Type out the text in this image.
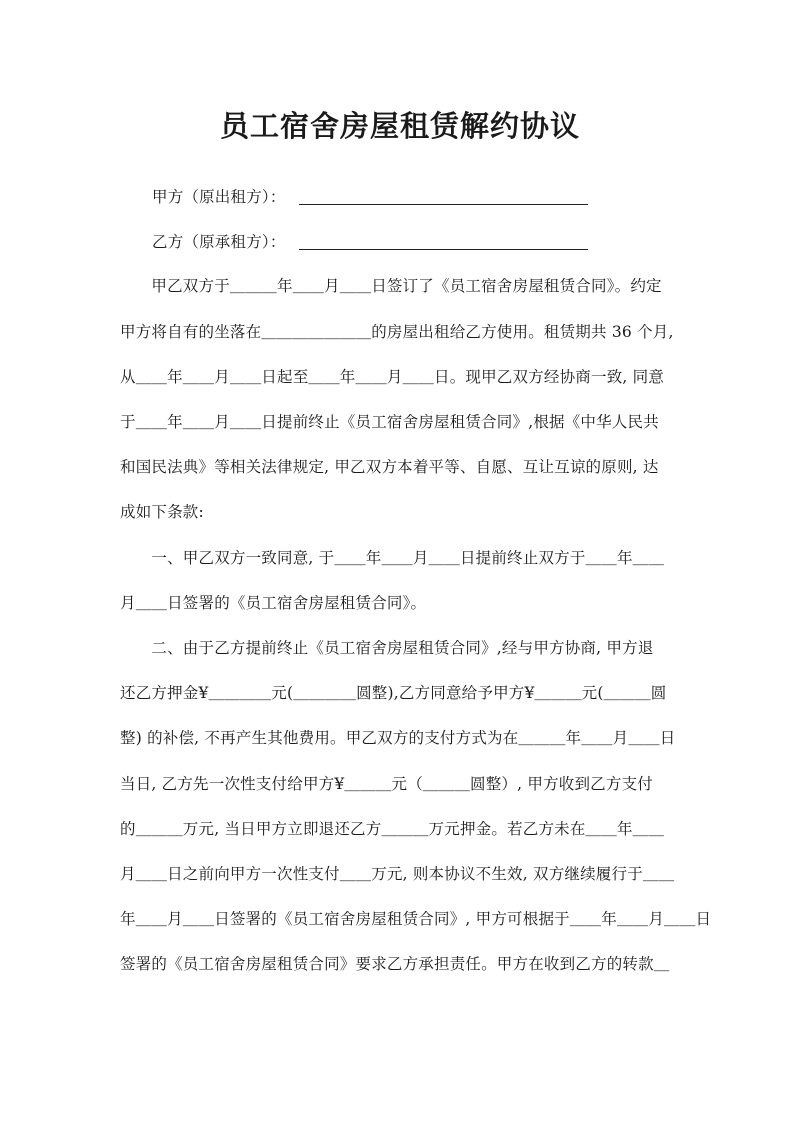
员工宿舍房屋租赁解约协议

甲方（原出租方）：

乙方（原承租方）：

　　甲乙双方于＿＿＿年＿＿月＿＿日签订了《员工宿舍房屋租赁合同》。约定

甲方将自有的坐落在＿＿＿＿＿＿＿的房屋出租给乙方使用。租赁期共 36 个月,

从＿＿年＿＿月＿＿日起至＿＿年＿＿月＿＿日。现甲乙双方经协商一致, 同意

于＿＿年＿＿月＿＿日提前终止《员工宿舍房屋租赁合同》,根据《中华人民共

和国民法典》等相关法律规定, 甲乙双方本着平等、自愿、互让互谅的原则, 达

成如下条款:

　　一、甲乙双方一致同意, 于＿＿年＿＿月＿＿日提前终止双方于＿＿年＿＿

月＿＿日签署的《员工宿舍房屋租赁合同》。

　　二、由于乙方提前终止《员工宿舍房屋租赁合同》,经与甲方协商, 甲方退

还乙方押金¥＿＿＿＿元(＿＿＿＿圆整),乙方同意给予甲方¥＿＿＿元(＿＿＿圆

整) 的补偿, 不再产生其他费用。甲乙双方的支付方式为在＿＿＿年＿＿月＿＿日

当日, 乙方先一次性支付给甲方¥＿＿＿元（＿＿＿圆整）, 甲方收到乙方支付

的＿＿＿万元, 当日甲方立即退还乙方＿＿＿万元押金。若乙方未在＿＿年＿＿

月＿＿日之前向甲方一次性支付＿＿万元, 则本协议不生效, 双方继续履行于＿＿

年＿＿月＿＿日签署的《员工宿舍房屋租赁合同》, 甲方可根据于＿＿年＿＿月＿＿日

签署的《员工宿舍房屋租赁合同》要求乙方承担责任。甲方在收到乙方的转款＿
